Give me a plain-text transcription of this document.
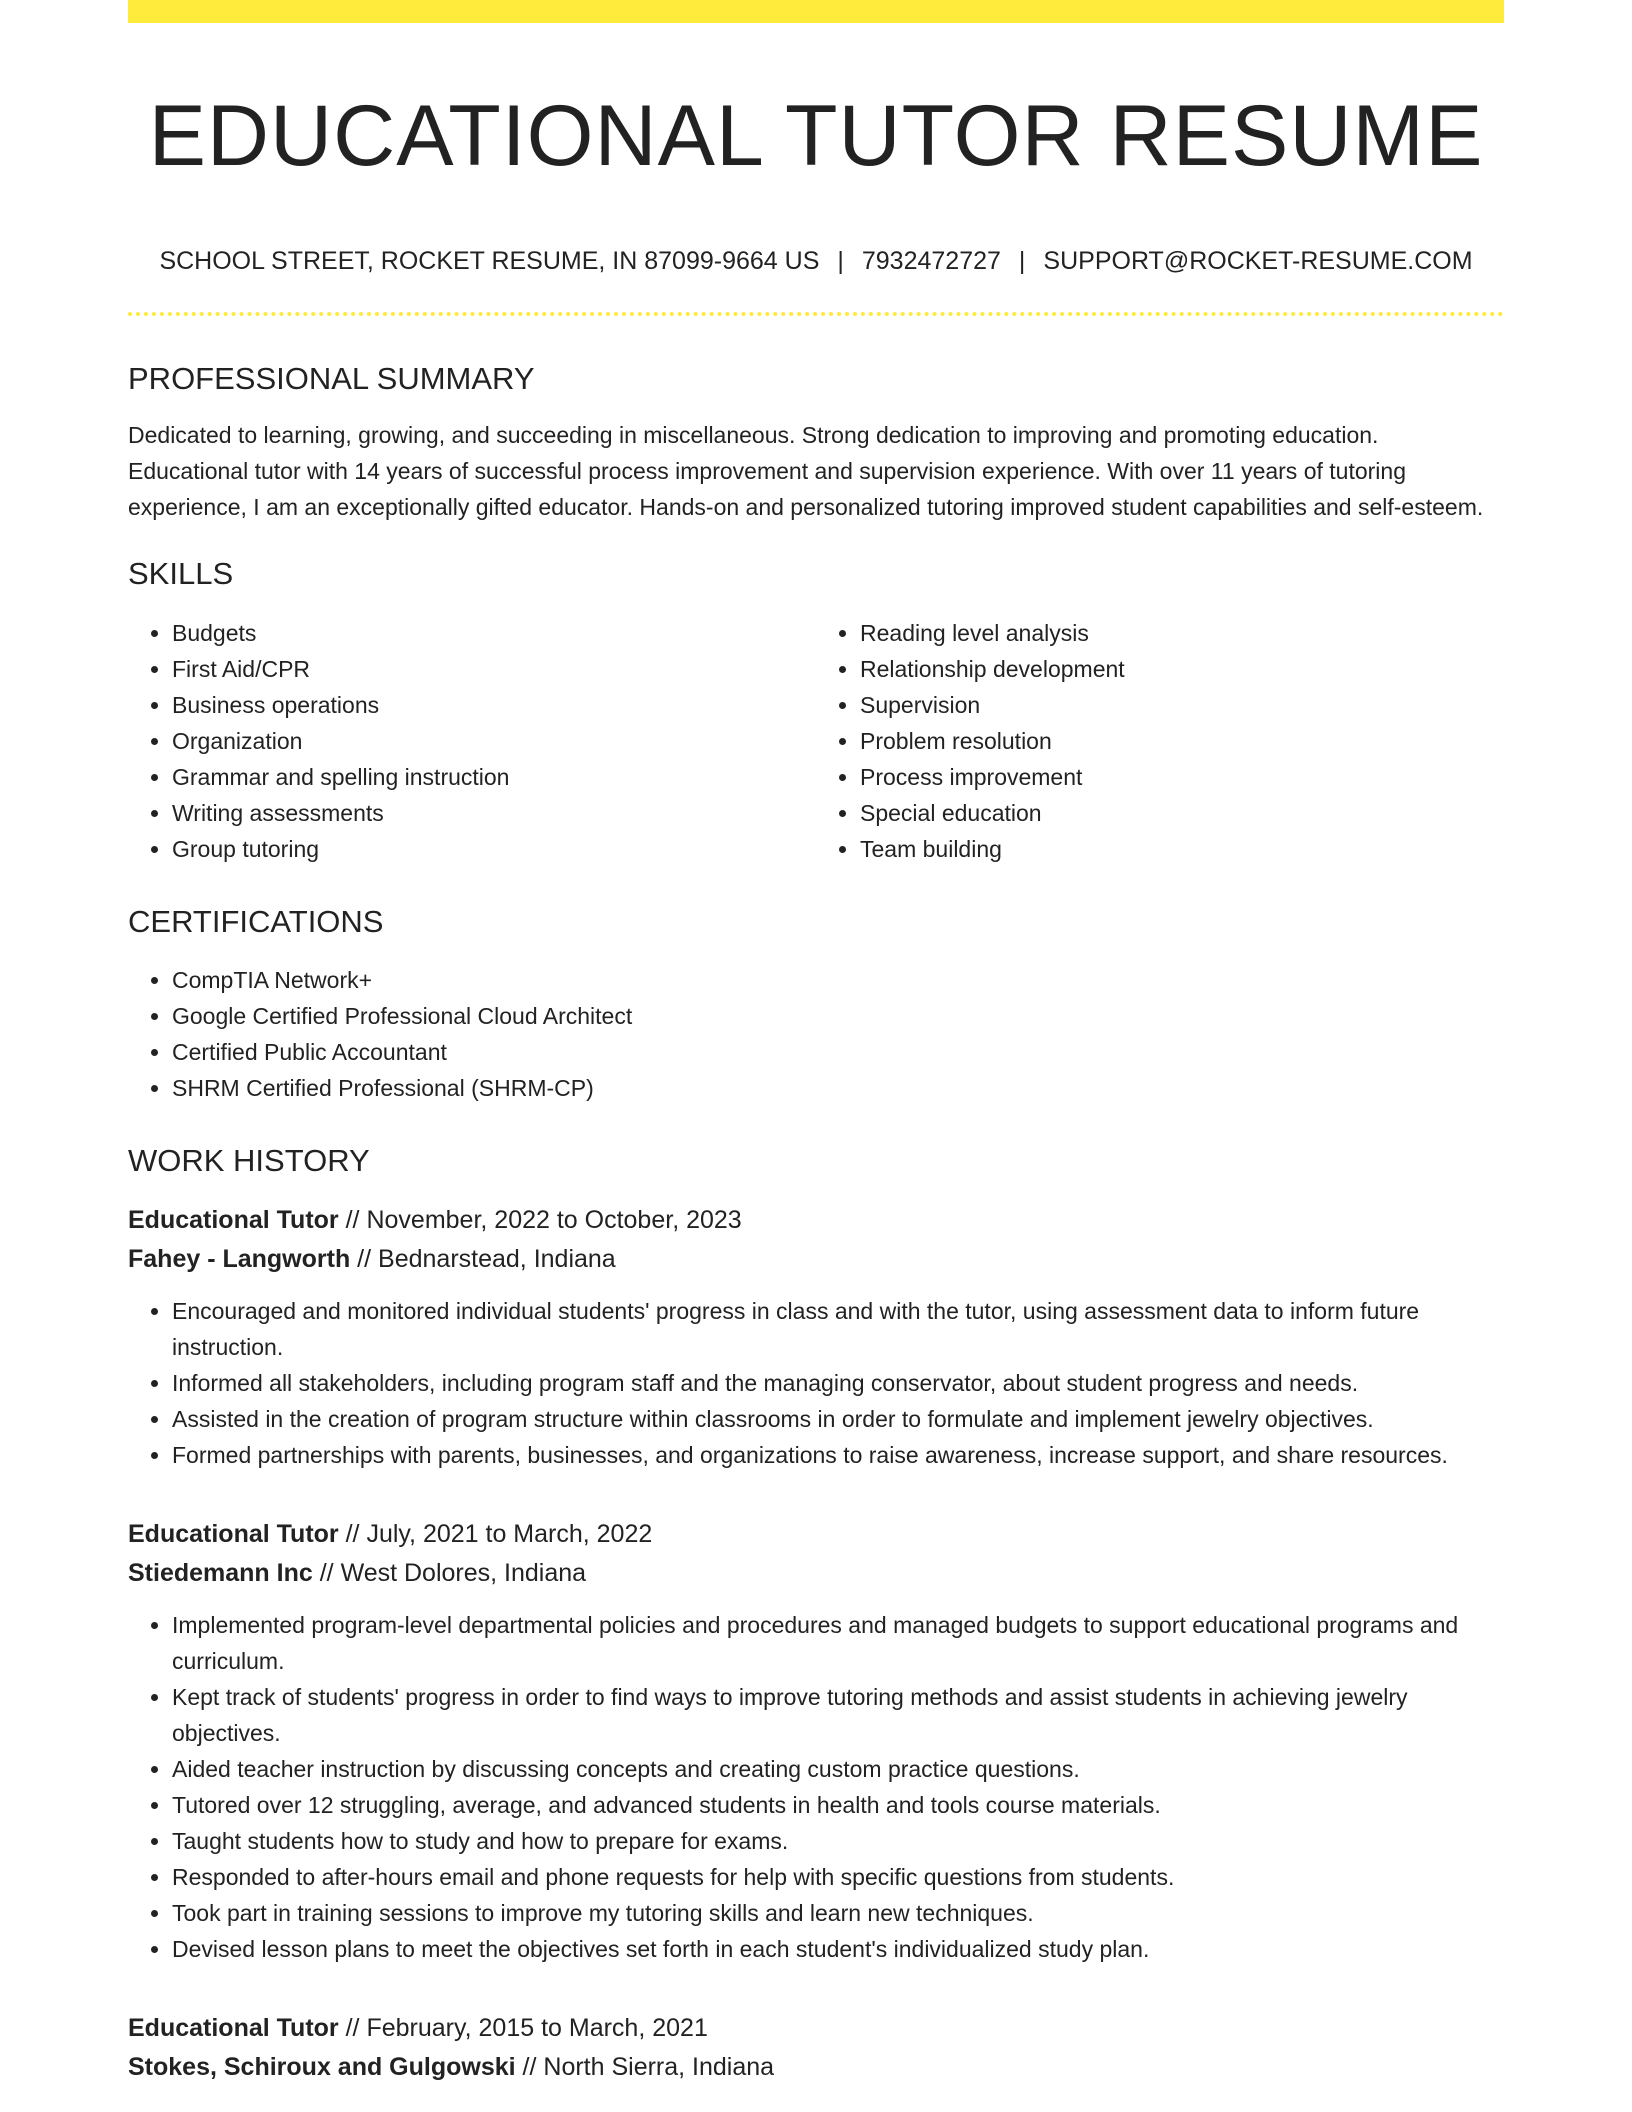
EDUCATIONAL TUTOR RESUME
SCHOOL STREET, ROCKET RESUME, IN 87099-9664 US | 7932472727 | SUPPORT@ROCKET-RESUME.COM
PROFESSIONAL SUMMARY
Dedicated to learning, growing, and succeeding in miscellaneous. Strong dedication to improving and promoting education. Educational tutor with 14 years of successful process improvement and supervision experience. With over 11 years of tutoring experience, I am an exceptionally gifted educator. Hands-on and personalized tutoring improved student capabilities and self-esteem.
SKILLS
• Budgets
• First Aid/CPR
• Business operations
• Organization
• Grammar and spelling instruction
• Writing assessments
• Group tutoring
• Reading level analysis
• Relationship development
• Supervision
• Problem resolution
• Process improvement
• Special education
• Team building
CERTIFICATIONS
• CompTIA Network+
• Google Certified Professional Cloud Architect
• Certified Public Accountant
• SHRM Certified Professional (SHRM-CP)
WORK HISTORY
Educational Tutor // November, 2022 to October, 2023
Fahey - Langworth // Bednarstead, Indiana
• Encouraged and monitored individual students' progress in class and with the tutor, using assessment data to inform future instruction.
• Informed all stakeholders, including program staff and the managing conservator, about student progress and needs.
• Assisted in the creation of program structure within classrooms in order to formulate and implement jewelry objectives.
• Formed partnerships with parents, businesses, and organizations to raise awareness, increase support, and share resources.
Educational Tutor // July, 2021 to March, 2022
Stiedemann Inc // West Dolores, Indiana
• Implemented program-level departmental policies and procedures and managed budgets to support educational programs and curriculum.
• Kept track of students' progress in order to find ways to improve tutoring methods and assist students in achieving jewelry objectives.
• Aided teacher instruction by discussing concepts and creating custom practice questions.
• Tutored over 12 struggling, average, and advanced students in health and tools course materials.
• Taught students how to study and how to prepare for exams.
• Responded to after-hours email and phone requests for help with specific questions from students.
• Took part in training sessions to improve my tutoring skills and learn new techniques.
• Devised lesson plans to meet the objectives set forth in each student's individualized study plan.
Educational Tutor // February, 2015 to March, 2021
Stokes, Schiroux and Gulgowski // North Sierra, Indiana
